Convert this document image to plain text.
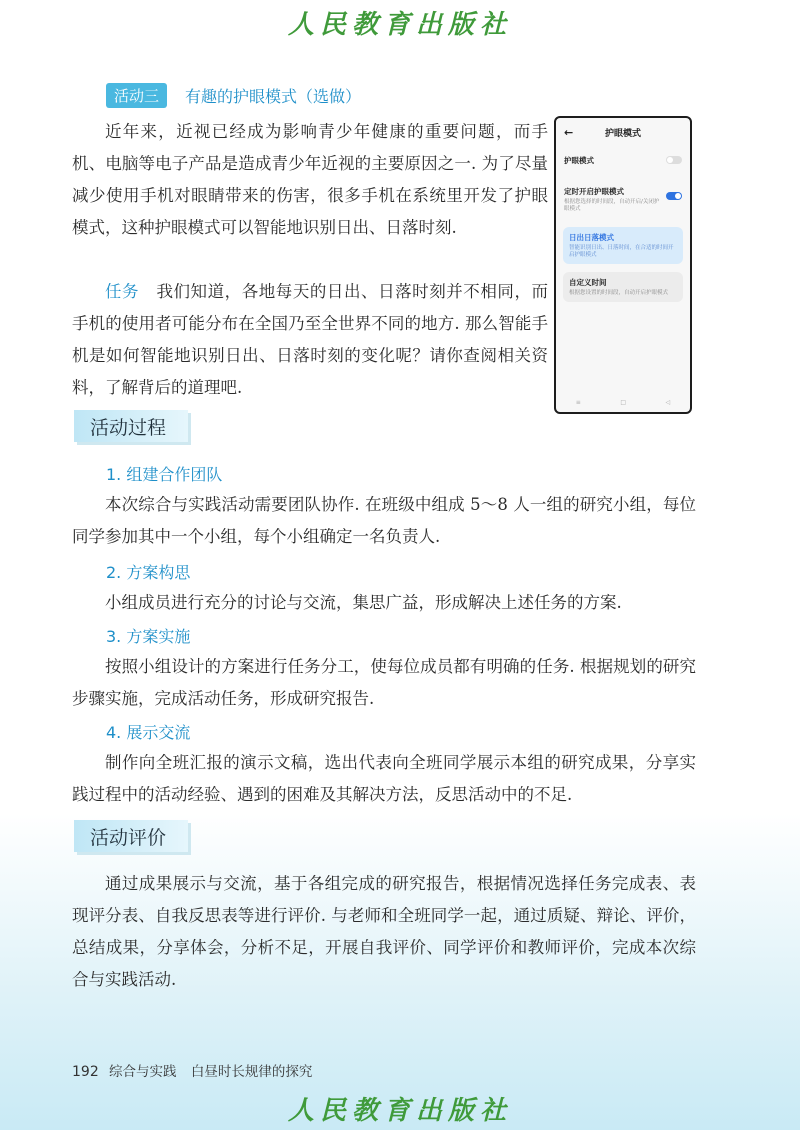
人民教育出版社
活动三	有趣的护眼模式（选做）

近年来，近视已经成为影响青少年健康的重要问题，而手机、电脑等电子产品是造成青少年近视的主要原因之一. 为了尽量减少使用手机对眼睛带来的伤害，很多手机在系统里开发了护眼模式，这种护眼模式可以智能地识别日出、日落时刻.

任务 我们知道，各地每天的日出、日落时刻并不相同，而手机的使用者可能分布在全国乃至全世界不同的地方. 那么智能手机是如何智能地识别日出、日落时刻的变化呢？请你查阅相关资料，了解背后的道理吧.

←	护眼模式
护眼模式
定时开启护眼模式
根据您选择的时间段，自动开启/关闭护眼模式
日出日落模式
智能识别日出、日落时间，在合适的时间开启护眼模式
自定义时间
根据您设置的时间段，自动开启护眼模式
≡	□	◁
活动过程
1. 组建合作团队

本次综合与实践活动需要团队协作. 在班级中组成 5～8 人一组的研究小组，每位同学参加其中一个小组，每个小组确定一名负责人.

2. 方案构思

小组成员进行充分的讨论与交流，集思广益，形成解决上述任务的方案.

3. 方案实施

按照小组设计的方案进行任务分工，使每位成员都有明确的任务. 根据规划的研究步骤实施，完成活动任务，形成研究报告.

4. 展示交流

制作向全班汇报的演示文稿，选出代表向全班同学展示本组的研究成果，分享实践过程中的活动经验、遇到的困难及其解决方法，反思活动中的不足.

活动评价

通过成果展示与交流，基于各组完成的研究报告，根据情况选择任务完成表、表现评分表、自我反思表等进行评价. 与老师和全班同学一起，通过质疑、辩论、评价，总结成果，分享体会，分析不足，开展自我评价、同学评价和教师评价，完成本次综合与实践活动.

192 综合与实践 白昼时长规律的探究
人民教育出版社
